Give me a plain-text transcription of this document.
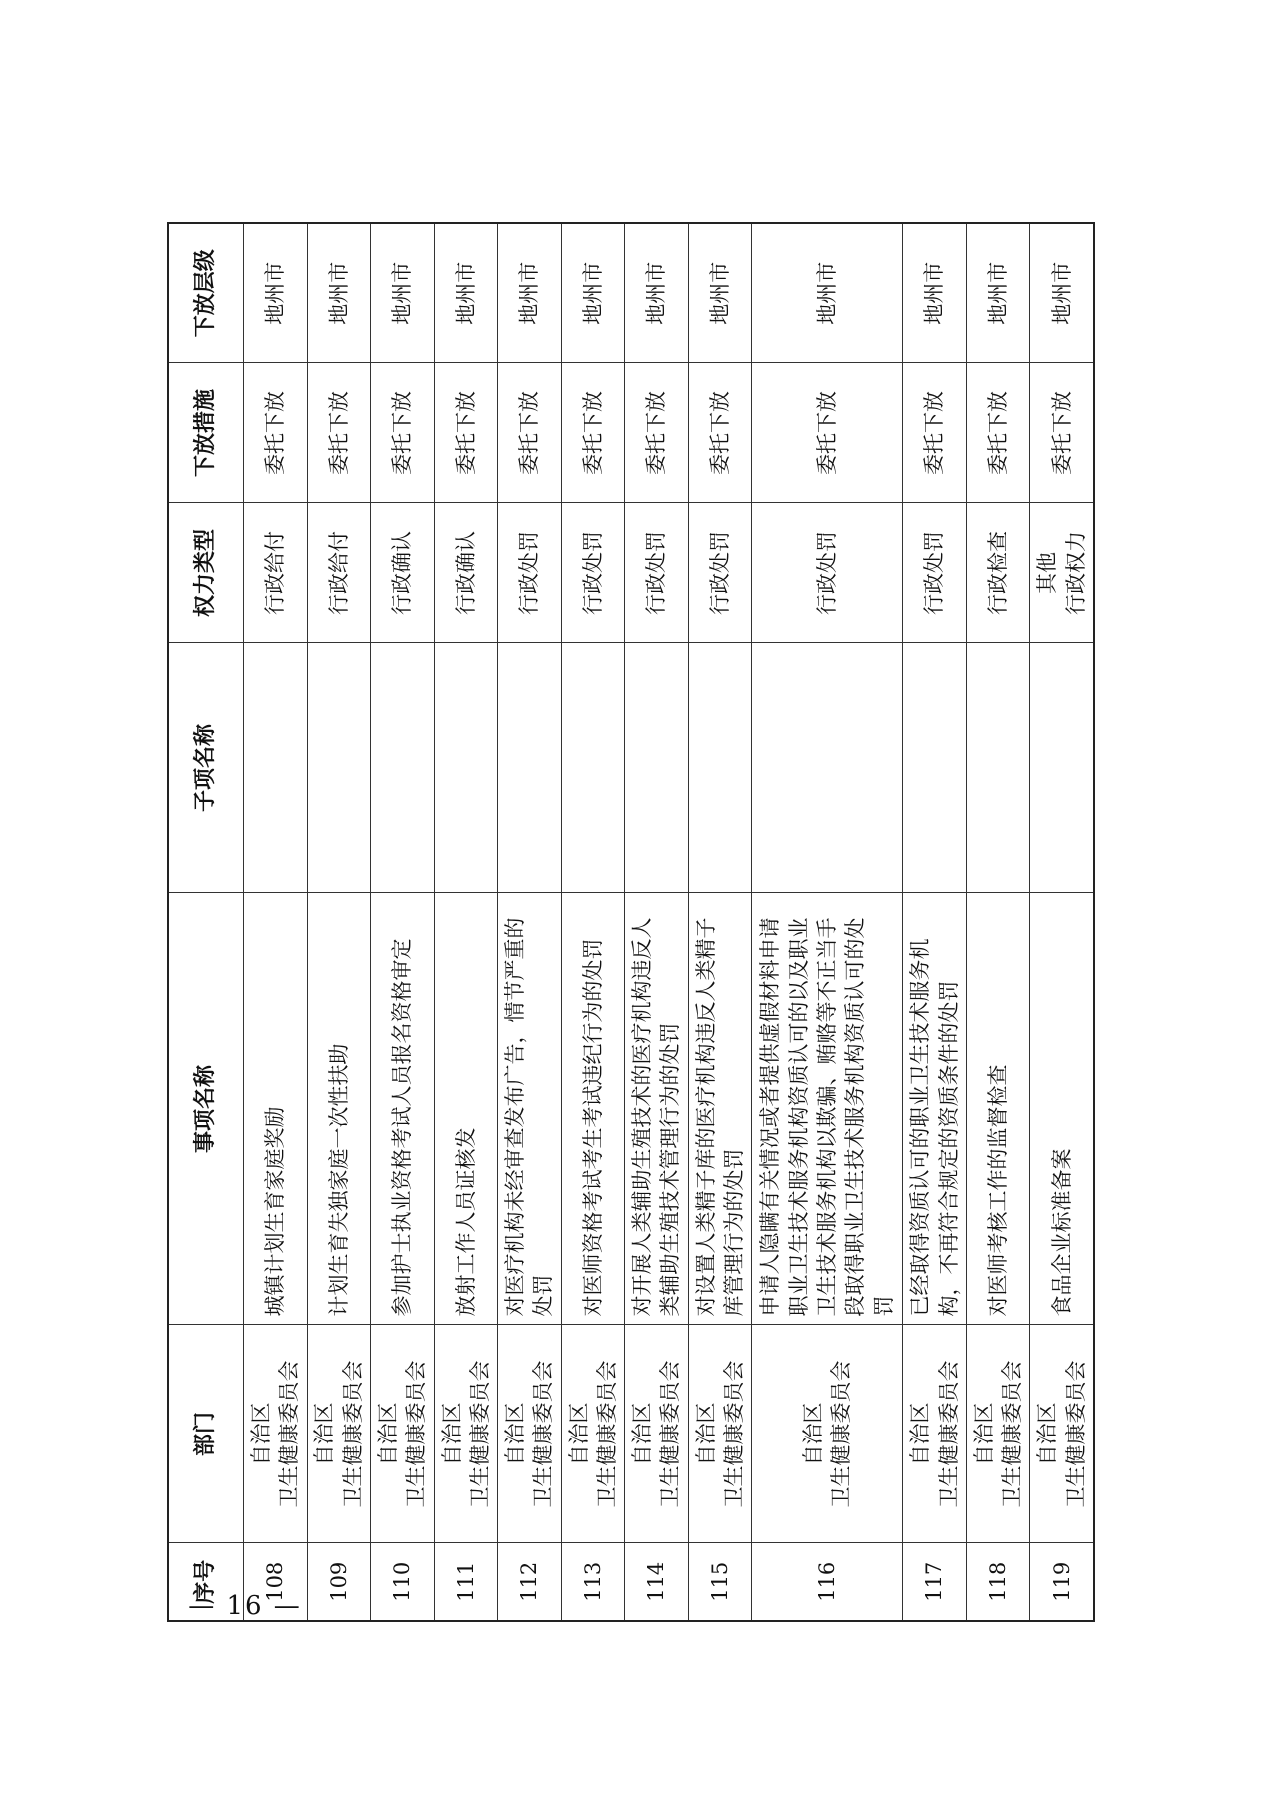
序号	部门	事项名称	子项名称	权力类型	下放措施	下放层级
108	自治区 卫生健康委员会	城镇计划生育家庭奖励		行政给付	委托下放	地州市
109	自治区 卫生健康委员会	计划生育失独家庭一次性扶助		行政给付	委托下放	地州市
110	自治区 卫生健康委员会	参加护士执业资格考试人员报名资格审定		行政确认	委托下放	地州市
111	自治区 卫生健康委员会	放射工作人员证核发		行政确认	委托下放	地州市
112	自治区 卫生健康委员会	对医疗机构未经审查发布广告，情节严重的处罚		行政处罚	委托下放	地州市
113	自治区 卫生健康委员会	对医师资格考试考生考试违纪行为的处罚		行政处罚	委托下放	地州市
114	自治区 卫生健康委员会	对开展人类辅助生殖技术的医疗机构违反人类辅助生殖技术管理行为的处罚		行政处罚	委托下放	地州市
115	自治区 卫生健康委员会	对设置人类精子库的医疗机构违反人类精子库管理行为的处罚		行政处罚	委托下放	地州市
116	自治区 卫生健康委员会	申请人隐瞒有关情况或者提供虚假材料申请职业卫生技术服务机构资质认可的以及职业卫生技术服务机构以欺骗、贿赂等不正当手段取得职业卫生技术服务机构资质认可的处罚		行政处罚	委托下放	地州市
117	自治区 卫生健康委员会	已经取得资质认可的职业卫生技术服务机构，不再符合规定的资质条件的处罚		行政处罚	委托下放	地州市
118	自治区 卫生健康委员会	对医师考核工作的监督检查		行政检查	委托下放	地州市
119	自治区 卫生健康委员会	食品企业标准备案		其他 行政权力	委托下放	地州市
— 16 —
